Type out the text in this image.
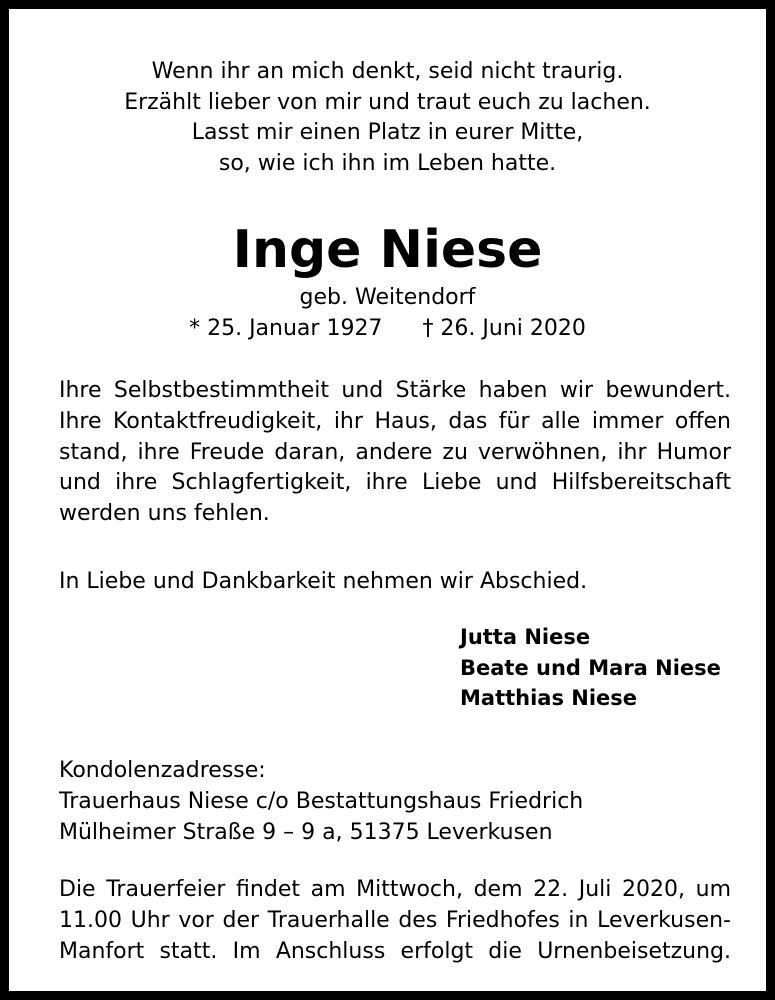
Wenn ihr an mich denkt, seid nicht traurig.
Erzählt lieber von mir und traut euch zu lachen.
Lasst mir einen Platz in eurer Mitte,
so, wie ich ihn im Leben hatte.
Inge Niese
geb. Weitendorf
* 25. Januar 1927 † 26. Juni 2020
Ihre Selbstbestimmtheit und Stärke haben wir bewundert.
Ihre Kontaktfreudigkeit, ihr Haus, das für alle immer offen
stand, ihre Freude daran, andere zu verwöhnen, ihr Humor
und ihre Schlagfertigkeit, ihre Liebe und Hilfsbereitschaft
werden uns fehlen.
In Liebe und Dankbarkeit nehmen wir Abschied.
Jutta Niese
Beate und Mara Niese
Matthias Niese
Kondolenzadresse:
Trauerhaus Niese c/o Bestattungshaus Friedrich
Mülheimer Straße 9 – 9 a, 51375 Leverkusen
Die Trauerfeier findet am Mittwoch, dem 22. Juli 2020, um
11.00 Uhr vor der Trauerhalle des Friedhofes in Leverkusen-
Manfort statt. Im Anschluss erfolgt die Urnenbeisetzung.
